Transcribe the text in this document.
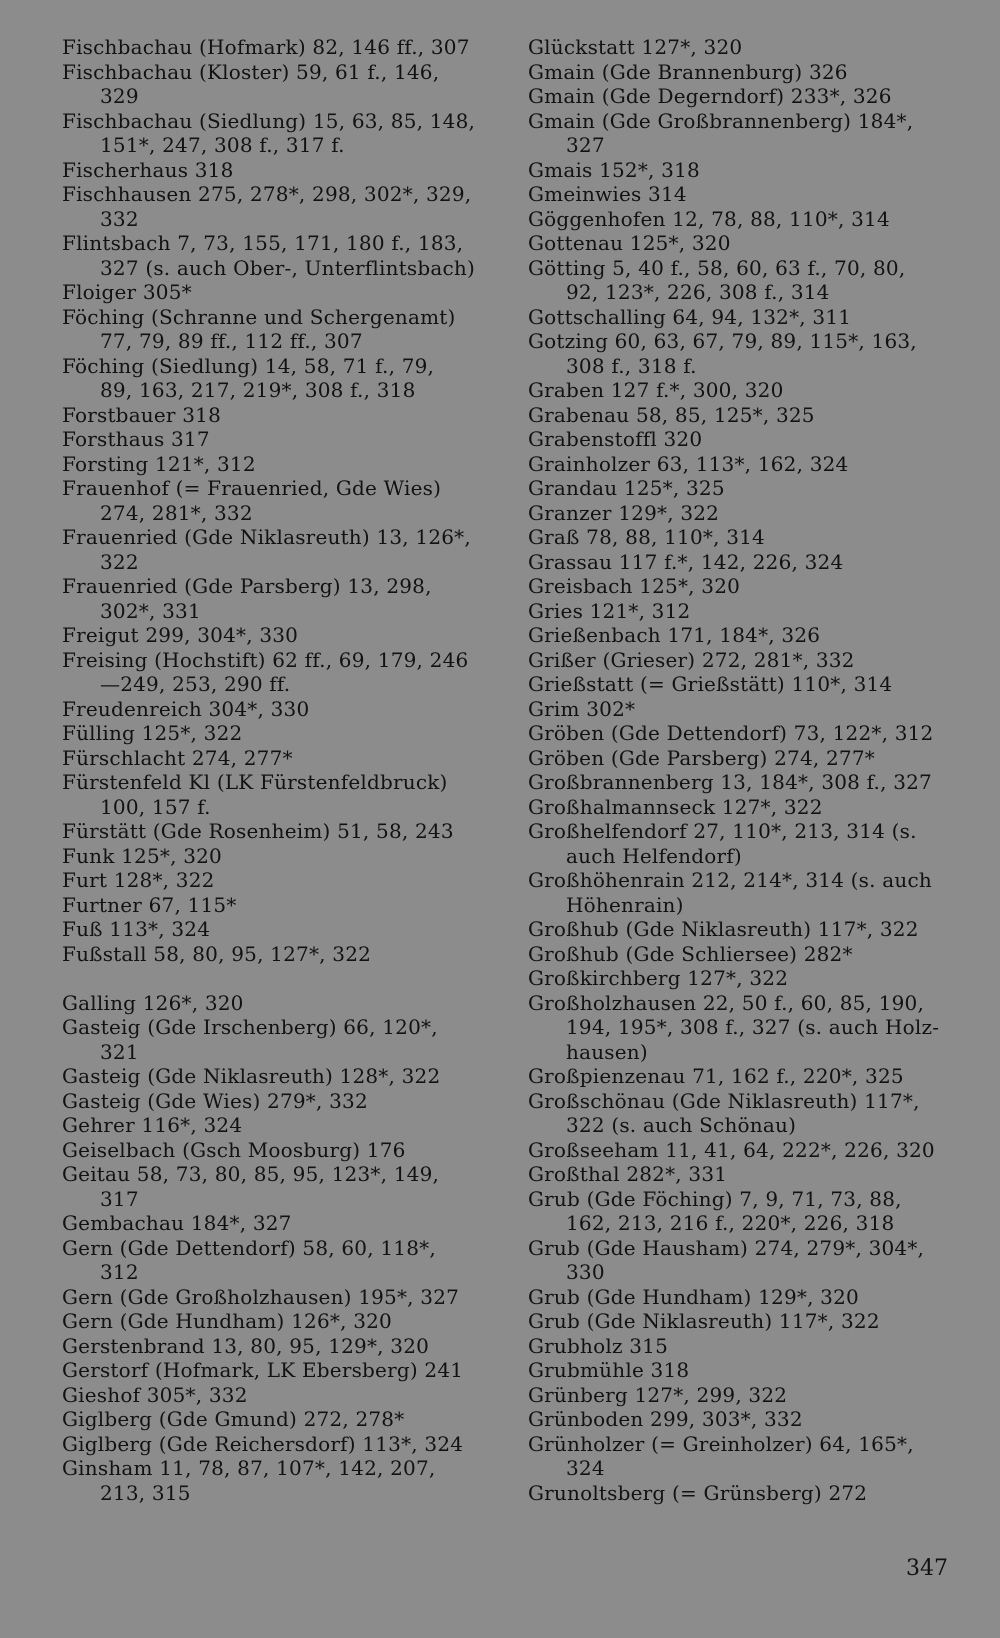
Fischbachau (Hofmark) 82, 146 ff., 307

Fischbachau (Kloster) 59, 61 f., 146,
329

Fischbachau (Siedlung) 15, 63, 85, 148,
151*, 247, 308 f., 317 f.

Fischerhaus 318

Fischhausen 275, 278*, 298, 302*, 329,
332

Flintsbach 7, 73, 155, 171, 180 f., 183,
327 (s. auch Ober-, Unterflintsbach)

Floiger 305*

Föching (Schranne und Schergenamt)
77, 79, 89 ff., 112 ff., 307

Föching (Siedlung) 14, 58, 71 f., 79,
89, 163, 217, 219*, 308 f., 318

Forstbauer 318

Forsthaus 317

Forsting 121*, 312

Frauenhof (= Frauenried, Gde Wies)
274, 281*, 332

Frauenried (Gde Niklasreuth) 13, 126*,
322

Frauenried (Gde Parsberg) 13, 298,
302*, 331

Freigut 299, 304*, 330

Freising (Hochstift) 62 ff., 69, 179, 246
—249, 253, 290 ff.

Freudenreich 304*, 330

Fülling 125*, 322

Fürschlacht 274, 277*

Fürstenfeld Kl (LK Fürstenfeldbruck)
100, 157 f.

Fürstätt (Gde Rosenheim) 51, 58, 243

Funk 125*, 320

Furt 128*, 322

Furtner 67, 115*

Fuß 113*, 324

Fußstall 58, 80, 95, 127*, 322

Galling 126*, 320

Gasteig (Gde Irschenberg) 66, 120*,
321

Gasteig (Gde Niklasreuth) 128*, 322

Gasteig (Gde Wies) 279*, 332

Gehrer 116*, 324

Geiselbach (Gsch Moosburg) 176

Geitau 58, 73, 80, 85, 95, 123*, 149,
317

Gembachau 184*, 327

Gern (Gde Dettendorf) 58, 60, 118*,
312

Gern (Gde Großholzhausen) 195*, 327

Gern (Gde Hundham) 126*, 320

Gerstenbrand 13, 80, 95, 129*, 320

Gerstorf (Hofmark, LK Ebersberg) 241

Gieshof 305*, 332

Giglberg (Gde Gmund) 272, 278*

Giglberg (Gde Reichersdorf) 113*, 324

Ginsham 11, 78, 87, 107*, 142, 207,
213, 315

Glückstatt 127*, 320

Gmain (Gde Brannenburg) 326

Gmain (Gde Degerndorf) 233*, 326

Gmain (Gde Großbrannenberg) 184*,
327

Gmais 152*, 318

Gmeinwies 314

Göggenhofen 12, 78, 88, 110*, 314

Gottenau 125*, 320

Götting 5, 40 f., 58, 60, 63 f., 70, 80,
92, 123*, 226, 308 f., 314

Gottschalling 64, 94, 132*, 311

Gotzing 60, 63, 67, 79, 89, 115*, 163,
308 f., 318 f.

Graben 127 f.*, 300, 320

Grabenau 58, 85, 125*, 325

Grabenstoffl 320

Grainholzer 63, 113*, 162, 324

Grandau 125*, 325

Granzer 129*, 322

Graß 78, 88, 110*, 314

Grassau 117 f.*, 142, 226, 324

Greisbach 125*, 320

Gries 121*, 312

Grießenbach 171, 184*, 326

Grißer (Grieser) 272, 281*, 332

Grießstatt (= Grießstätt) 110*, 314

Grim 302*

Gröben (Gde Dettendorf) 73, 122*, 312

Gröben (Gde Parsberg) 274, 277*

Großbrannenberg 13, 184*, 308 f., 327

Großhalmannseck 127*, 322

Großhelfendorf 27, 110*, 213, 314 (s.
auch Helfendorf)

Großhöhenrain 212, 214*, 314 (s. auch
Höhenrain)

Großhub (Gde Niklasreuth) 117*, 322

Großhub (Gde Schliersee) 282*

Großkirchberg 127*, 322

Großholzhausen 22, 50 f., 60, 85, 190,
194, 195*, 308 f., 327 (s. auch Holz-
hausen)

Großpienzenau 71, 162 f., 220*, 325

Großschönau (Gde Niklasreuth) 117*,
322 (s. auch Schönau)

Großseeham 11, 41, 64, 222*, 226, 320

Großthal 282*, 331

Grub (Gde Föching) 7, 9, 71, 73, 88,
162, 213, 216 f., 220*, 226, 318

Grub (Gde Hausham) 274, 279*, 304*,
330

Grub (Gde Hundham) 129*, 320

Grub (Gde Niklasreuth) 117*, 322

Grubholz 315

Grubmühle 318

Grünberg 127*, 299, 322

Grünboden 299, 303*, 332

Grünholzer (= Greinholzer) 64, 165*,
324

Grunoltsberg (= Grünsberg) 272

347
